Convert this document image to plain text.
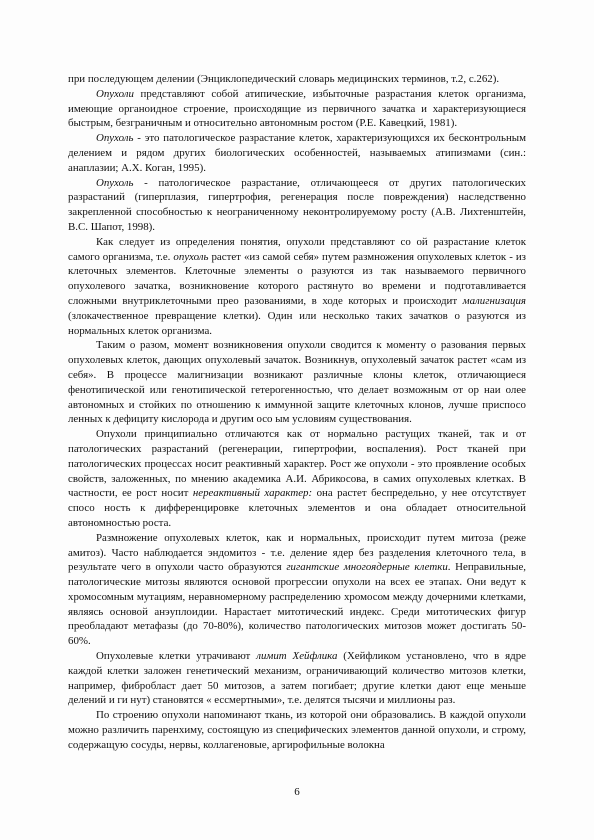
при последующем делении (Энциклопедический словарь медицинских терминов, т.2, с.262).

Опухоли представляют собой атипические, избыточные разрастания клеток организма, имеющие органоидное строение, происходящие из первичного зачатка и характеризующиеся быстрым, безграничным и относительно автономным ростом (Р.Е. Кавецкий, 1981).

Опухоль - это патологическое разрастание клеток, характеризующихся их бесконтрольным делением и рядом других биологических особенностей, называемых атипизмами (син.: анаплазии; А.Х. Коган, 1995).

Опухоль - патологическое разрастание, отличающееся от других патологических разрастаний (гиперплазия, гипертрофия, регенерация после повреждения) наследственно закрепленной способностью к неограниченному неконтролируемому росту (А.В. Лихтенштейн, В.С. Шапот, 1998).

Как следует из определения понятия, опухоли представляют со ой разрастание клеток самого организма, т.е. опухоль растет «из самой себя» путем размножения опухолевых клеток - из клеточных элементов. Клеточные элементы о разуются из так называемого первичного опухолевого зачатка, возникновение которого растянуто во времени и подготавливается сложными внутриклеточными прео разованиями, в ходе которых и происходит малигнизация (злокачественное превращение клетки). Один или несколько таких зачатков о разуются из нормальных клеток организма.

Таким о разом, момент возникновения опухоли сводится к моменту о разования первых опухолевых клеток, дающих опухолевый зачаток. Возникнув, опухолевый зачаток растет «сам из себя». В процессе малигнизации возникают различные клоны клеток, отличающиеся фенотипической или генотипической гетерогенностью, что делает возможным от ор наи олее автономных и стойких по отношению к иммунной защите клеточных клонов, лучше приспосо ленных к дефициту кислорода и другим осо ым условиям существования.

Опухоли принципиально отличаются как от нормально растущих тканей, так и от патологических разрастаний (регенерации, гипертрофии, воспаления). Рост тканей при патологических процессах носит реактивный характер. Рост же опухоли - это проявление особых свойств, заложенных, по мнению академика А.И. Абрикосова, в самих опухолевых клетках. В частности, ее рост носит нереактивный характер: она растет беспредельно, у нее отсутствует спосо ность к дифференцировке клеточных элементов и она обладает относительной автономностью роста.

Размножение опухолевых клеток, как и нормальных, происходит путем митоза (реже амитоз). Часто наблюдается эндомитоз - т.е. деление ядер без разделения клеточного тела, в результате чего в опухоли часто образуются гигантские многоядерные клетки. Неправильные, патологические митозы являются основой прогрессии опухоли на всех ее этапах. Они ведут к хромосомным мутациям, неравномерному распределению хромосом между дочерними клетками, являясь основой анэуплоидии. Нарастает митотический индекс. Среди митотических фигур преобладают метафазы (до 70-80%), количество патологических митозов может достигать 50-60%.

Опухолевые клетки утрачивают лимит Хейфлика (Хейфликом установлено, что в ядре каждой клетки заложен генетический механизм, ограничивающий количество митозов клетки, например, фибробласт дает 50 митозов, а затем погибает; другие клетки дают еще меньше делений и ги нут) становятся « ессмертными», т.е. делятся тысячи и миллионы раз.

По строению опухоли напоминают ткань, из которой они образовались. В каждой опухоли можно различить паренхиму, состоящую из специфических элементов данной опухоли, и строму, содержащую сосуды, нервы, коллагеновые, аргирофильные волокна

6
